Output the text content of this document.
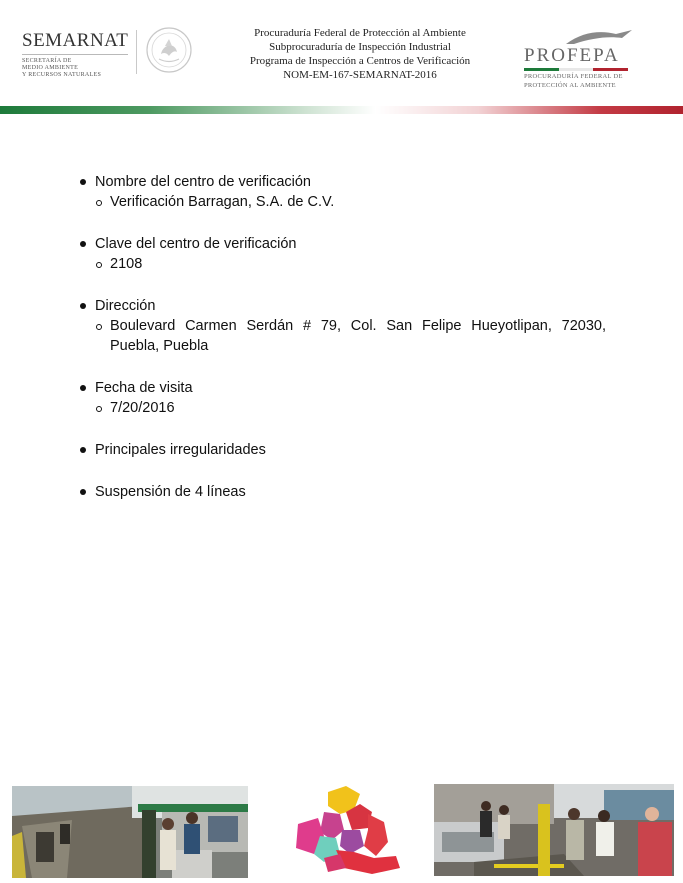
SEMARNAT
SECRETARÍA DE
MEDIO AMBIENTE
Y RECURSOS NATURALES
Procuraduría Federal de Protección al Ambiente
Subprocuraduría de Inspección Industrial
Programa de Inspección a Centros de Verificación
NOM-EM-167-SEMARNAT-2016
PROFEPA
PROCURADURÍA FEDERAL DE
PROTECCIÓN AL AMBIENTE
Nombre del centro de verificación
Verificación Barragan, S.A. de C.V.
Clave del centro de verificación
2108
Dirección
Boulevard Carmen Serdán # 79, Col. San Felipe Hueyotlipan, 72030, Puebla, Puebla
Fecha de visita
7/20/2016
Principales irregularidades
Suspensión de 4 líneas
